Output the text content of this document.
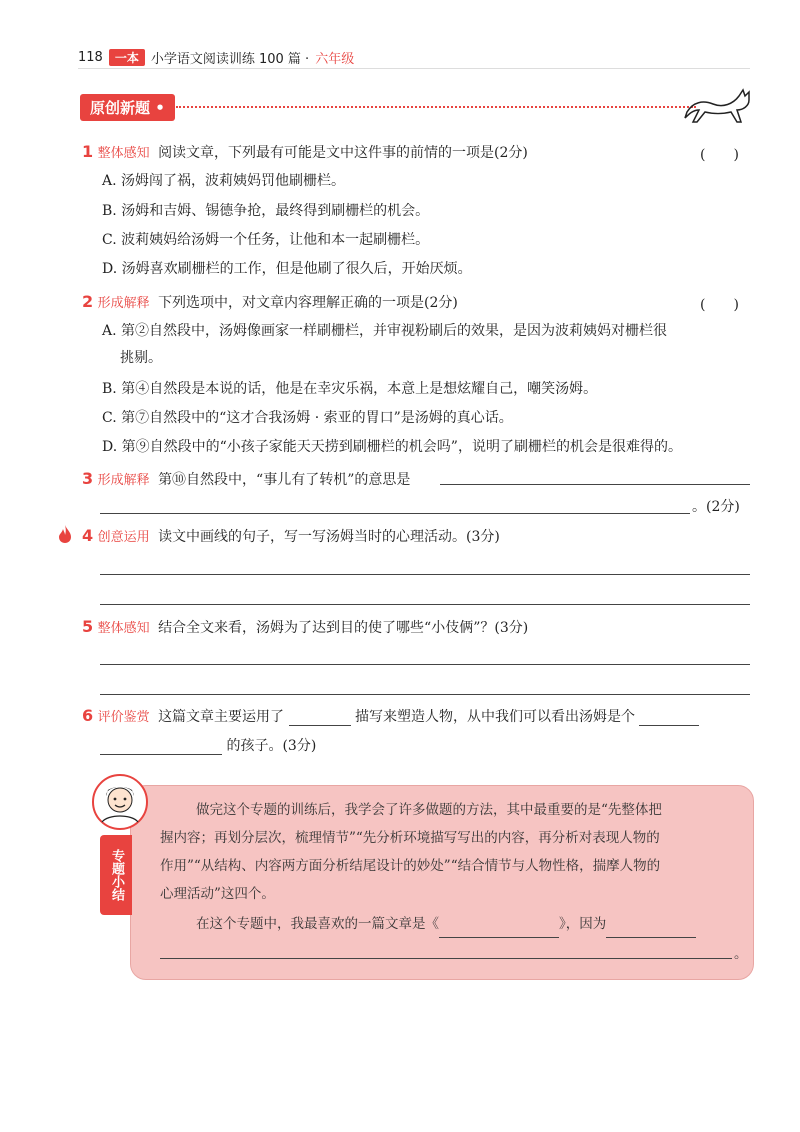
118	一本 小学语文阅读训练 100 篇 · 六年级
原创新题 •
1 整体感知 阅读文章，下列最有可能是文中这件事的前情的一项是(2分)	(　　)
A. 汤姆闯了祸，波莉姨妈罚他刷栅栏。
B. 汤姆和吉姆、锡德争抢，最终得到刷栅栏的机会。
C. 波莉姨妈给汤姆一个任务，让他和本一起刷栅栏。
D. 汤姆喜欢刷栅栏的工作，但是他刷了很久后，开始厌烦。
2 形成解释 下列选项中，对文章内容理解正确的一项是(2分)	(　　)
A. 第②自然段中，汤姆像画家一样刷栅栏，并审视粉刷后的效果，是因为波莉姨妈对栅栏很
挑剔。
B. 第④自然段是本说的话，他是在幸灾乐祸，本意上是想炫耀自己，嘲笑汤姆。
C. 第⑦自然段中的“这才合我汤姆 · 索亚的胃口”是汤姆的真心话。
D. 第⑨自然段中的“小孩子家能天天捞到刷栅栏的机会吗”，说明了刷栅栏的机会是很难得的。
3 形成解释 第⑩自然段中，“事儿有了转机”的意思是
。(2分)
4 创意运用 读文中画线的句子，写一写汤姆当时的心理活动。(3分)
5 整体感知 结合全文来看，汤姆为了达到目的使了哪些“小伎俩”？(3分)
6 评价鉴赏 这篇文章主要运用了	描写来塑造人物，从中我们可以看出汤姆是个
的孩子。(3分)
专题小结
做完这个专题的训练后，我学会了许多做题的方法，其中最重要的是“先整体把
握内容；再划分层次，梳理情节”“先分析环境描写写出的内容，再分析对表现人物的
作用”“从结构、内容两方面分析结尾设计的妙处”“结合情节与人物性格，揣摩人物的
心理活动”这四个。
在这个专题中，我最喜欢的一篇文章是《	》，因为
。
